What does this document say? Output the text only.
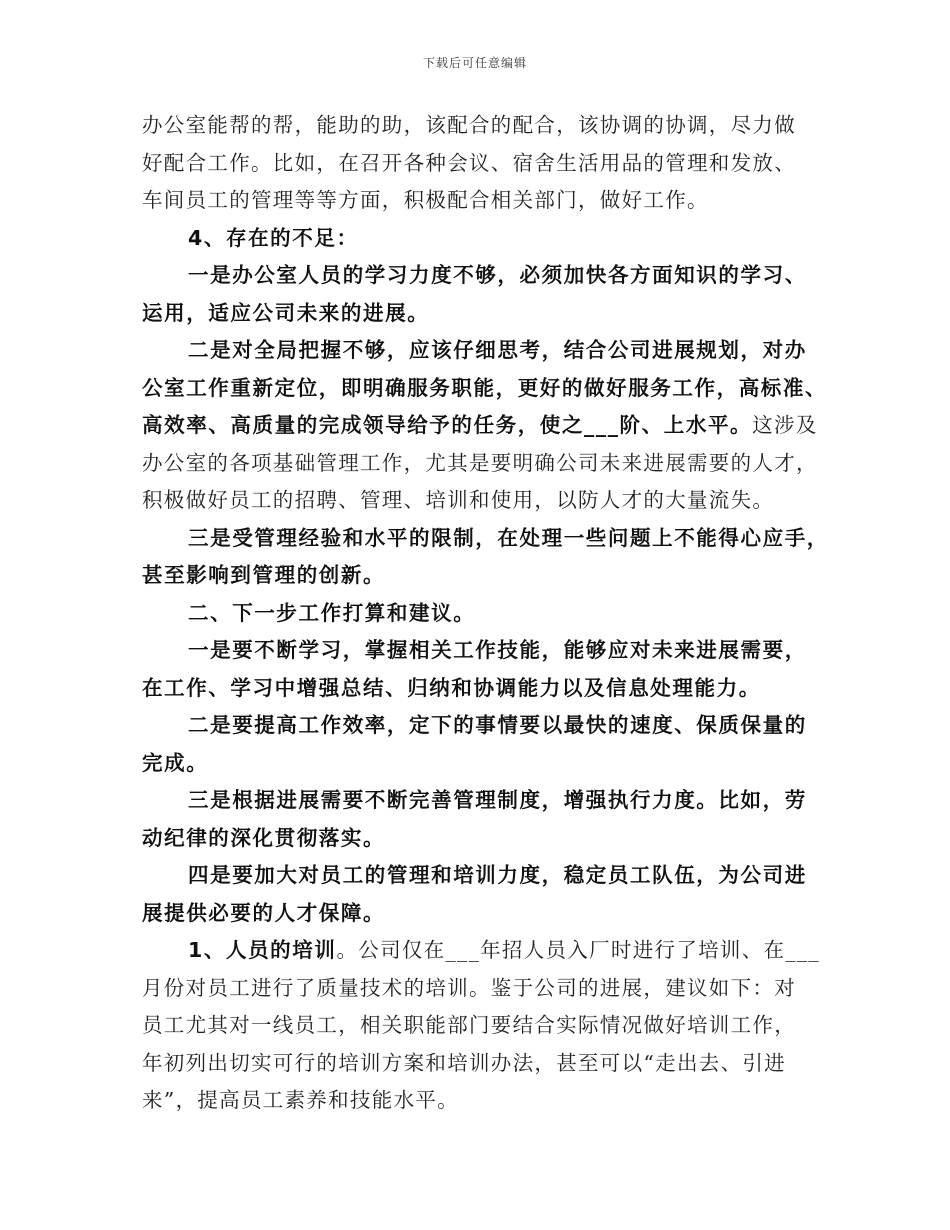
下载后可任意编辑
办公室能帮的帮，能助的助，该配合的配合，该协调的协调，尽力做
好配合工作。比如，在召开各种会议、宿舍生活用品的管理和发放、
车间员工的管理等等方面，积极配合相关部门，做好工作。
4、存在的不足：
一是办公室人员的学习力度不够，必须加快各方面知识的学习、
运用，适应公司未来的进展。
二是对全局把握不够，应该仔细思考，结合公司进展规划，对办
公室工作重新定位，即明确服务职能，更好的做好服务工作，高标准、
高效率、高质量的完成领导给予的任务，使之___阶、上水平。这涉及
办公室的各项基础管理工作，尤其是要明确公司未来进展需要的人才，
积极做好员工的招聘、管理、培训和使用，以防人才的大量流失。
三是受管理经验和水平的限制，在处理一些问题上不能得心应手，
甚至影响到管理的创新。
二、下一步工作打算和建议。
一是要不断学习，掌握相关工作技能，能够应对未来进展需要，
在工作、学习中增强总结、归纳和协调能力以及信息处理能力。
二是要提高工作效率，定下的事情要以最快的速度、保质保量的
完成。
三是根据进展需要不断完善管理制度，增强执行力度。比如，劳
动纪律的深化贯彻落实。
四是要加大对员工的管理和培训力度，稳定员工队伍，为公司进
展提供必要的人才保障。
1、人员的培训。公司仅在___年招人员入厂时进行了培训、在___
月份对员工进行了质量技术的培训。鉴于公司的进展，建议如下：对
员工尤其对一线员工，相关职能部门要结合实际情况做好培训工作，
年初列出切实可行的培训方案和培训办法，甚至可以“走出去、引进
来”，提高员工素养和技能水平。
